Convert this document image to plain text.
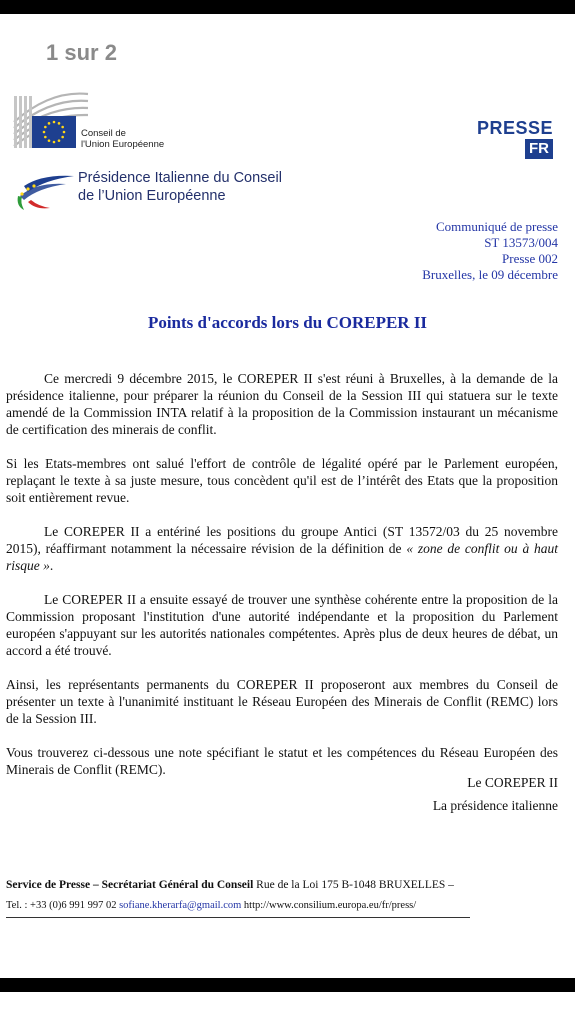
1 sur 2
Conseil de
l'Union Européenne
PRESSE
FR
Présidence Italienne du Conseil
de l’Union Européenne
Communiqué de presse
ST 13573/004
Presse 002
Bruxelles, le 09 décembre
Points d'accords lors du COREPER II

Ce mercredi 9 décembre 2015, le COREPER II s'est réuni à Bruxelles, à la demande de la présidence italienne, pour préparer la réunion du Conseil de la Session III qui statuera sur le texte amendé de la Commission INTA relatif à la proposition de la Commission instaurant un mécanisme de certification des minerais de conflit.

Si les Etats-membres ont salué l'effort de contrôle de légalité opéré par le Parlement européen, replaçant le texte à sa juste mesure, tous concèdent qu'il est de l’intérêt des Etats que la proposition soit entièrement revue.

Le COREPER II a entériné les positions du groupe Antici (ST 13572/03 du 25 novembre 2015), réaffirmant notamment la nécessaire révision de la définition de « zone de conflit ou à haut risque ».

Le COREPER II a ensuite essayé de trouver une synthèse cohérente entre la proposition de la Commission proposant l'institution d'une autorité indépendante et la proposition du Parlement européen s'appuyant sur les autorités nationales compétentes. Après plus de deux heures de débat, un accord a été trouvé.

Ainsi, les représentants permanents du COREPER II proposeront aux membres du Conseil de présenter un texte à l'unanimité instituant le Réseau Européen des Minerais de Conflit (REMC) lors de la Session III.

Vous trouverez ci-dessous une note spécifiant le statut et les compétences du Réseau Européen des Minerais de Conflit (REMC).

Le COREPER II
La présidence italienne
Service de Presse – Secrétariat Général du Conseil Rue de la Loi 175 B-1048 BRUXELLES –
Tel. : +33 (0)6 991 997 02 sofiane.kherarfa@gmail.com http://www.consilium.europa.eu/fr/press/
